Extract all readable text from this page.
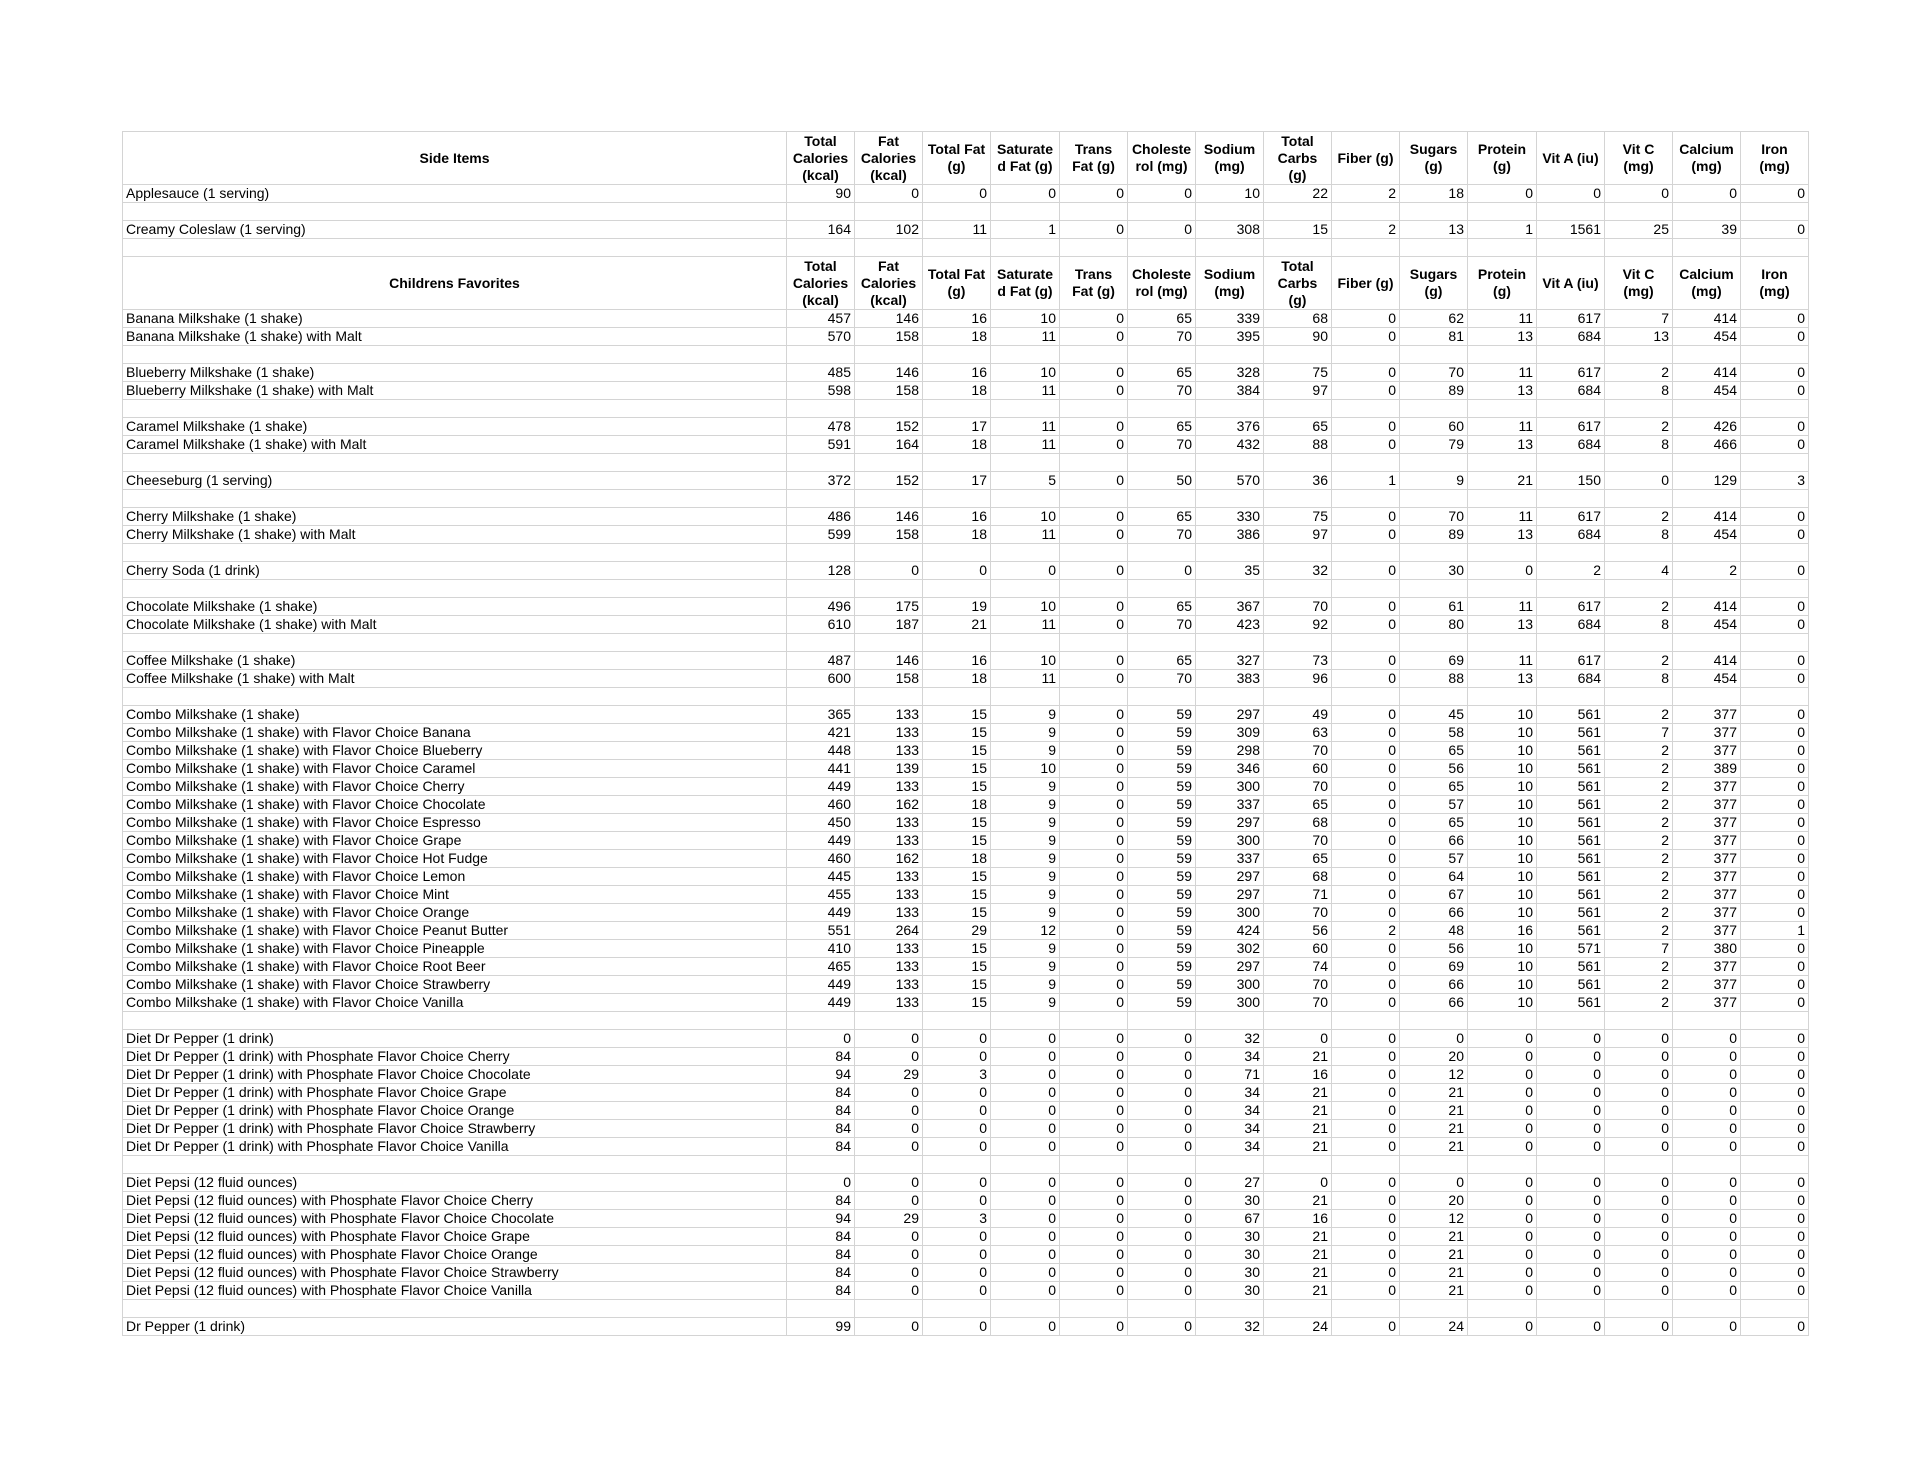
Side Items	Total
Calories
(kcal)	Fat
Calories
(kcal)	Total Fat
(g)	Saturate
d Fat (g)	Trans
Fat (g)	Choleste
rol (mg)	Sodium
(mg)	Total
Carbs
(g)	Fiber (g)	Sugars
(g)	Protein
(g)	Vit A (iu)	Vit C
(mg)	Calcium
(mg)	Iron
(mg)
Applesauce (1 serving)	90	0	0	0	0	0	10	22	2	18	0	0	0	0	0

Creamy Coleslaw (1 serving)	164	102	11	1	0	0	308	15	2	13	1	1561	25	39	0

Childrens Favorites	Total
Calories
(kcal)	Fat
Calories
(kcal)	Total Fat
(g)	Saturate
d Fat (g)	Trans
Fat (g)	Choleste
rol (mg)	Sodium
(mg)	Total
Carbs
(g)	Fiber (g)	Sugars
(g)	Protein
(g)	Vit A (iu)	Vit C
(mg)	Calcium
(mg)	Iron
(mg)
Banana Milkshake (1 shake)	457	146	16	10	0	65	339	68	0	62	11	617	7	414	0
Banana Milkshake (1 shake) with Malt	570	158	18	11	0	70	395	90	0	81	13	684	13	454	0

Blueberry Milkshake (1 shake)	485	146	16	10	0	65	328	75	0	70	11	617	2	414	0
Blueberry Milkshake (1 shake) with Malt	598	158	18	11	0	70	384	97	0	89	13	684	8	454	0

Caramel Milkshake (1 shake)	478	152	17	11	0	65	376	65	0	60	11	617	2	426	0
Caramel Milkshake (1 shake) with Malt	591	164	18	11	0	70	432	88	0	79	13	684	8	466	0

Cheeseburg (1 serving)	372	152	17	5	0	50	570	36	1	9	21	150	0	129	3

Cherry Milkshake (1 shake)	486	146	16	10	0	65	330	75	0	70	11	617	2	414	0
Cherry Milkshake (1 shake) with Malt	599	158	18	11	0	70	386	97	0	89	13	684	8	454	0

Cherry Soda (1 drink)	128	0	0	0	0	0	35	32	0	30	0	2	4	2	0

Chocolate Milkshake (1 shake)	496	175	19	10	0	65	367	70	0	61	11	617	2	414	0
Chocolate Milkshake (1 shake) with Malt	610	187	21	11	0	70	423	92	0	80	13	684	8	454	0

Coffee Milkshake (1 shake)	487	146	16	10	0	65	327	73	0	69	11	617	2	414	0
Coffee Milkshake (1 shake) with Malt	600	158	18	11	0	70	383	96	0	88	13	684	8	454	0

Combo Milkshake (1 shake)	365	133	15	9	0	59	297	49	0	45	10	561	2	377	0
Combo Milkshake (1 shake) with Flavor Choice Banana	421	133	15	9	0	59	309	63	0	58	10	561	7	377	0
Combo Milkshake (1 shake) with Flavor Choice Blueberry	448	133	15	9	0	59	298	70	0	65	10	561	2	377	0
Combo Milkshake (1 shake) with Flavor Choice Caramel	441	139	15	10	0	59	346	60	0	56	10	561	2	389	0
Combo Milkshake (1 shake) with Flavor Choice Cherry	449	133	15	9	0	59	300	70	0	65	10	561	2	377	0
Combo Milkshake (1 shake) with Flavor Choice Chocolate	460	162	18	9	0	59	337	65	0	57	10	561	2	377	0
Combo Milkshake (1 shake) with Flavor Choice Espresso	450	133	15	9	0	59	297	68	0	65	10	561	2	377	0
Combo Milkshake (1 shake) with Flavor Choice Grape	449	133	15	9	0	59	300	70	0	66	10	561	2	377	0
Combo Milkshake (1 shake) with Flavor Choice Hot Fudge	460	162	18	9	0	59	337	65	0	57	10	561	2	377	0
Combo Milkshake (1 shake) with Flavor Choice Lemon	445	133	15	9	0	59	297	68	0	64	10	561	2	377	0
Combo Milkshake (1 shake) with Flavor Choice Mint	455	133	15	9	0	59	297	71	0	67	10	561	2	377	0
Combo Milkshake (1 shake) with Flavor Choice Orange	449	133	15	9	0	59	300	70	0	66	10	561	2	377	0
Combo Milkshake (1 shake) with Flavor Choice Peanut Butter	551	264	29	12	0	59	424	56	2	48	16	561	2	377	1
Combo Milkshake (1 shake) with Flavor Choice Pineapple	410	133	15	9	0	59	302	60	0	56	10	571	7	380	0
Combo Milkshake (1 shake) with Flavor Choice Root Beer	465	133	15	9	0	59	297	74	0	69	10	561	2	377	0
Combo Milkshake (1 shake) with Flavor Choice Strawberry	449	133	15	9	0	59	300	70	0	66	10	561	2	377	0
Combo Milkshake (1 shake) with Flavor Choice Vanilla	449	133	15	9	0	59	300	70	0	66	10	561	2	377	0

Diet Dr Pepper (1 drink)	0	0	0	0	0	0	32	0	0	0	0	0	0	0	0
Diet Dr Pepper (1 drink) with Phosphate Flavor Choice Cherry	84	0	0	0	0	0	34	21	0	20	0	0	0	0	0
Diet Dr Pepper (1 drink) with Phosphate Flavor Choice Chocolate	94	29	3	0	0	0	71	16	0	12	0	0	0	0	0
Diet Dr Pepper (1 drink) with Phosphate Flavor Choice Grape	84	0	0	0	0	0	34	21	0	21	0	0	0	0	0
Diet Dr Pepper (1 drink) with Phosphate Flavor Choice Orange	84	0	0	0	0	0	34	21	0	21	0	0	0	0	0
Diet Dr Pepper (1 drink) with Phosphate Flavor Choice Strawberry	84	0	0	0	0	0	34	21	0	21	0	0	0	0	0
Diet Dr Pepper (1 drink) with Phosphate Flavor Choice Vanilla	84	0	0	0	0	0	34	21	0	21	0	0	0	0	0

Diet Pepsi (12 fluid ounces)	0	0	0	0	0	0	27	0	0	0	0	0	0	0	0
Diet Pepsi (12 fluid ounces) with Phosphate Flavor Choice Cherry	84	0	0	0	0	0	30	21	0	20	0	0	0	0	0
Diet Pepsi (12 fluid ounces) with Phosphate Flavor Choice Chocolate	94	29	3	0	0	0	67	16	0	12	0	0	0	0	0
Diet Pepsi (12 fluid ounces) with Phosphate Flavor Choice Grape	84	0	0	0	0	0	30	21	0	21	0	0	0	0	0
Diet Pepsi (12 fluid ounces) with Phosphate Flavor Choice Orange	84	0	0	0	0	0	30	21	0	21	0	0	0	0	0
Diet Pepsi (12 fluid ounces) with Phosphate Flavor Choice Strawberry	84	0	0	0	0	0	30	21	0	21	0	0	0	0	0
Diet Pepsi (12 fluid ounces) with Phosphate Flavor Choice Vanilla	84	0	0	0	0	0	30	21	0	21	0	0	0	0	0

Dr Pepper (1 drink)	99	0	0	0	0	0	32	24	0	24	0	0	0	0	0
